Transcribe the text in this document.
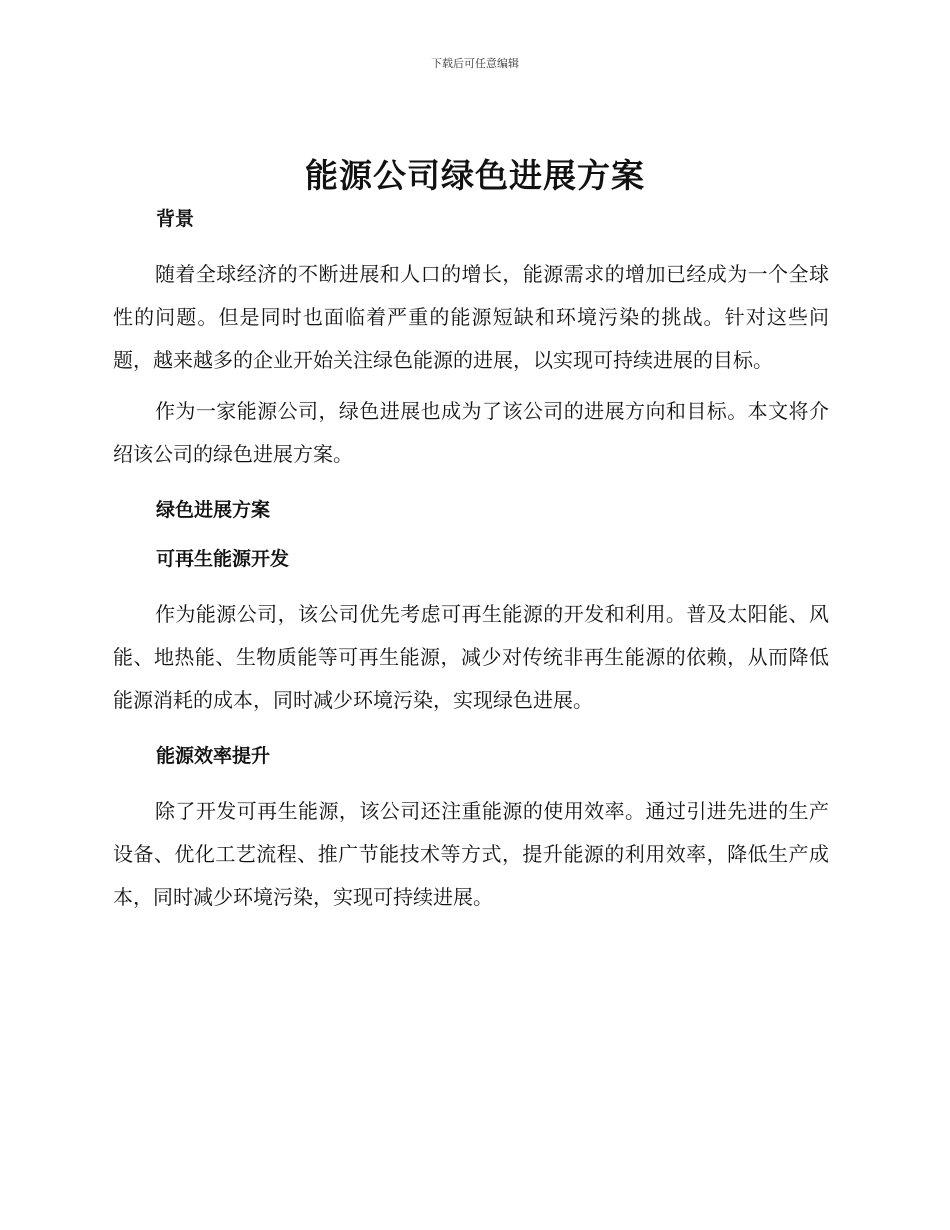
下载后可任意编辑
能源公司绿色进展方案

背景

随着全球经济的不断进展和人口的增长，能源需求的增加已经成为一个全球性的问题。但是同时也面临着严重的能源短缺和环境污染的挑战。针对这些问题，越来越多的企业开始关注绿色能源的进展，以实现可持续进展的目标。

作为一家能源公司，绿色进展也成为了该公司的进展方向和目标。本文将介绍该公司的绿色进展方案。

绿色进展方案

可再生能源开发

作为能源公司，该公司优先考虑可再生能源的开发和利用。普及太阳能、风能、地热能、生物质能等可再生能源，减少对传统非再生能源的依赖，从而降低能源消耗的成本，同时减少环境污染，实现绿色进展。

能源效率提升

除了开发可再生能源，该公司还注重能源的使用效率。通过引进先进的生产设备、优化工艺流程、推广节能技术等方式，提升能源的利用效率，降低生产成本，同时减少环境污染，实现可持续进展。
